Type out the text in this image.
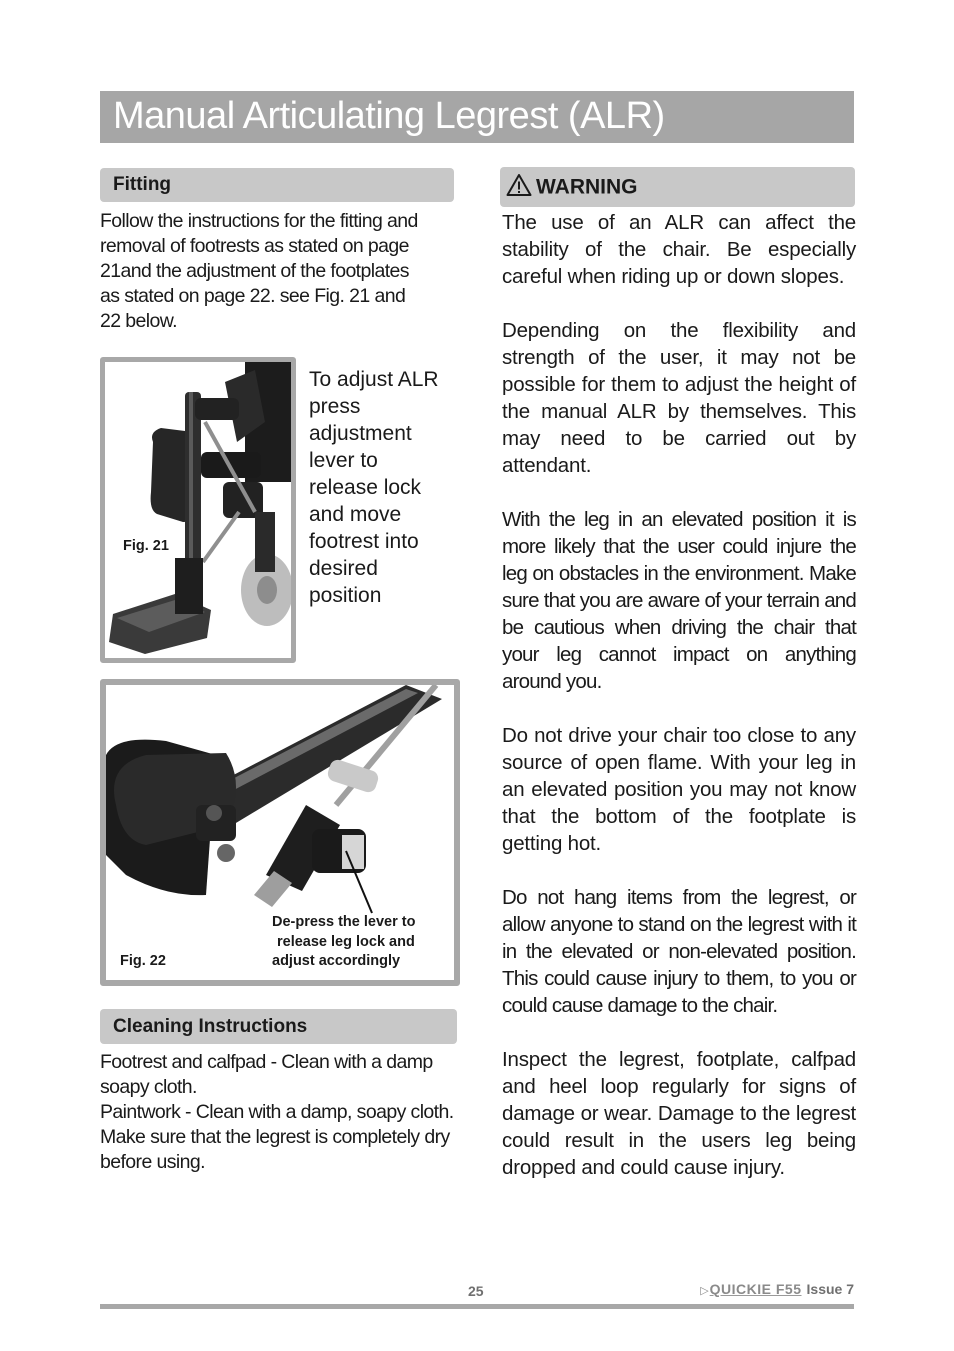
Manual Articulating Legrest (ALR)
Fitting
Follow the instructions for the fitting and
removal of footrests as stated on page
21and the adjustment of the footplates
as stated on page 22. see Fig. 21 and
22 below.
Fig. 21
To adjust ALR
press
adjustment
lever to
release lock
and move
footrest into
desired
position
Fig. 22
De-press the lever to
release leg lock and
adjust accordingly
Cleaning Instructions

Footrest and calfpad - Clean with a damp soapy cloth.

Paintwork - Clean with a damp, soapy cloth.

Make sure that the legrest is completely dry before using.

WARNING

The use of an ALR can affect the stability of the chair. Be especially careful when riding up or down slopes.

Depending on the flexibility and strength of the user, it may not be possible for them to adjust the height of the manual ALR by themselves. This may need to be carried out by attendant.

With the leg in an elevated position it is more likely that the user could injure the leg on obstacles in the environment. Make sure that you are aware of your terrain and be cautious when driving the chair that your leg cannot impact on anything around you.

Do not drive your chair too close to any source of open flame. With your leg in an elevated position you may not know that the bottom of the footplate is getting hot.

Do not hang items from the legrest, or allow anyone to stand on the legrest with it in the elevated or non-elevated position. This could cause injury to them, to you or could cause damage to the chair.

Inspect the legrest, footplate, calfpad and heel loop regularly for signs of damage or wear. Damage to the legrest could result in the users leg being dropped and could cause injury.

25	▷QUICKIE F55 Issue 7
